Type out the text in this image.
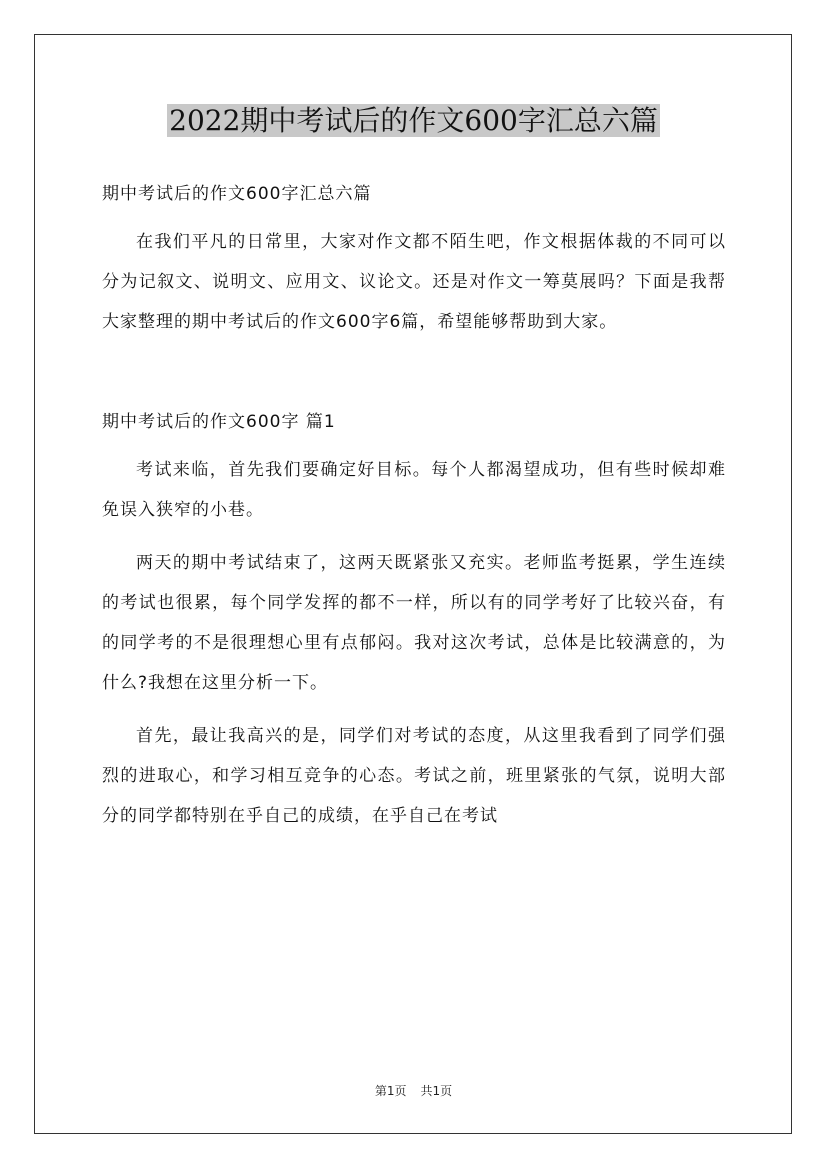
2022期中考试后的作文600字汇总六篇

期中考试后的作文600字汇总六篇

在我们平凡的日常里，大家对作文都不陌生吧，作文根据体裁的不同可以分为记叙文、说明文、应用文、议论文。还是对作文一筹莫展吗？下面是我帮大家整理的期中考试后的作文600字6篇，希望能够帮助到大家。

期中考试后的作文600字 篇1

考试来临，首先我们要确定好目标。每个人都渴望成功，但有些时候却难免误入狭窄的小巷。

两天的期中考试结束了，这两天既紧张又充实。老师监考挺累，学生连续的考试也很累，每个同学发挥的都不一样，所以有的同学考好了比较兴奋，有的同学考的不是很理想心里有点郁闷。我对这次考试，总体是比较满意的，为什么?我想在这里分析一下。

首先，最让我高兴的是，同学们对考试的态度，从这里我看到了同学们强烈的进取心，和学习相互竞争的心态。考试之前，班里紧张的气氛，说明大部分的同学都特别在乎自己的成绩，在乎自己在考试

第1页 共1页
